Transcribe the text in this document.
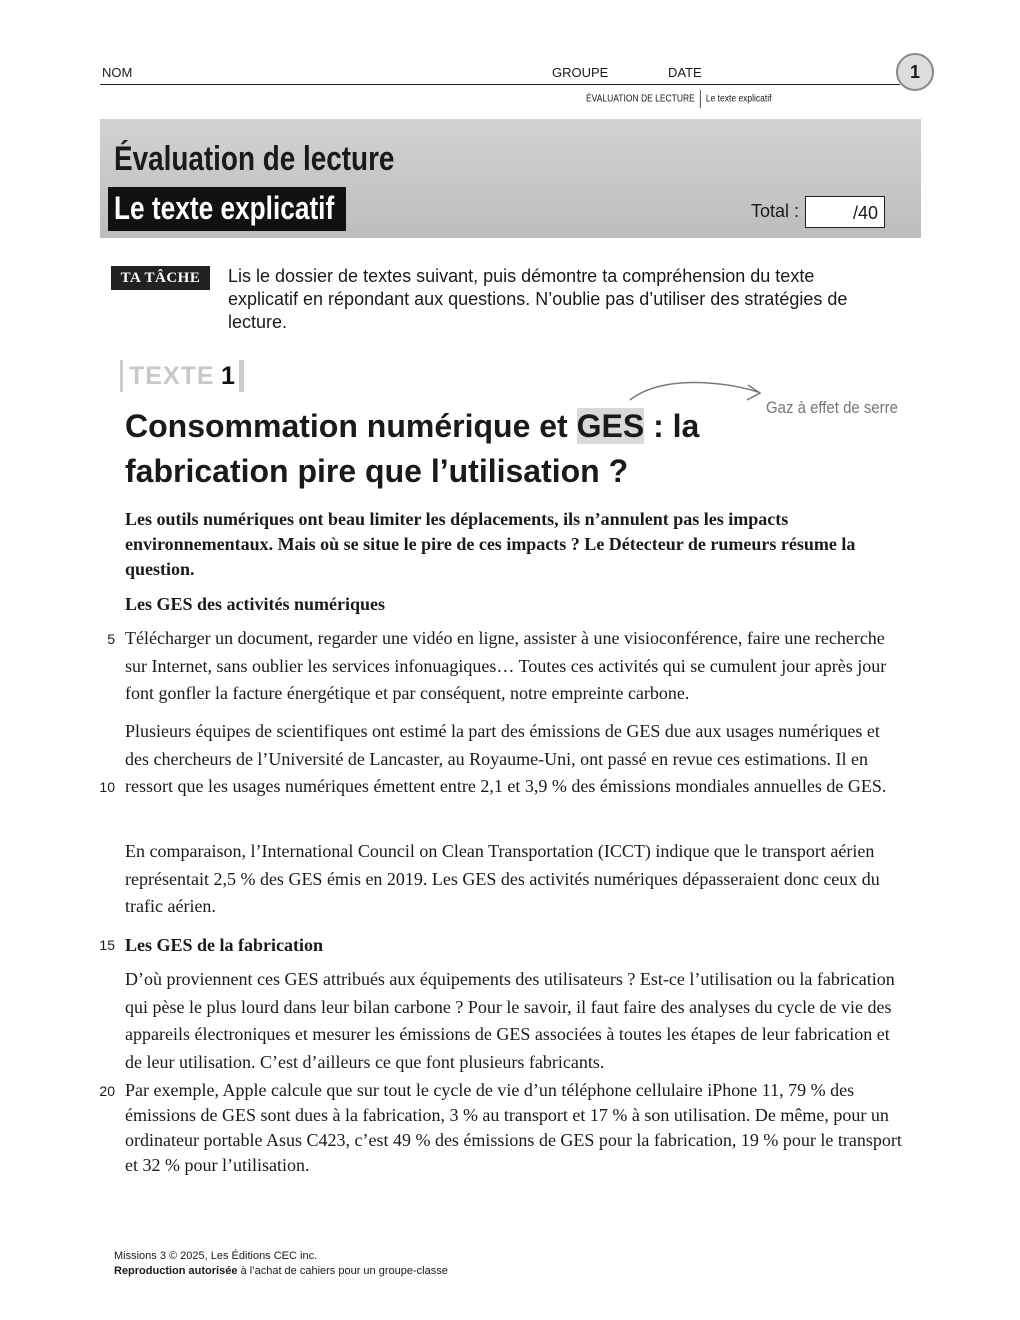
NOM	GROUPE	DATE	1
ÉVALUATION DE LECTURE Le texte explicatif
Évaluation de lecture
Le texte explicatif	Total :	/40
TA TÂCHE	Lis le dossier de textes suivant, puis démontre ta compréhension du texte explicatif en répondant aux questions. N’oublie pas d’utiliser des stratégies de lecture.
TEXTE 1
Gaz à effet de serre
Consommation numérique et GES : la fabrication pire que l’utilisation ?
Les outils numériques ont beau limiter les déplacements, ils n’annulent pas les impacts environnementaux. Mais où se situe le pire de ces impacts ? Le Détecteur de rumeurs résume la question.
Les GES des activités numériques
Télécharger un document, regarder une vidéo en ligne, assister à une visioconférence, faire une recherche sur Internet, sans oublier les services infonuagiques… Toutes ces activités qui se cumulent jour après jour font gonfler la facture énergétique et par conséquent, notre empreinte carbone.
Plusieurs équipes de scientifiques ont estimé la part des émissions de GES due aux usages numériques et des chercheurs de l’Université de Lancaster, au Royaume-Uni, ont passé en revue ces estimations. Il en ressort que les usages numériques émettent entre 2,1 et 3,9 % des émissions mondiales annuelles de GES.
En comparaison, l’International Council on Clean Transportation (ICCT) indique que le transport aérien représentait 2,5 % des GES émis en 2019. Les GES des activités numériques dépasseraient donc ceux du trafic aérien.
Les GES de la fabrication
D’où proviennent ces GES attribués aux équipements des utilisateurs ? Est-ce l’utilisation ou la fabrication qui pèse le plus lourd dans leur bilan carbone ? Pour le savoir, il faut faire des analyses du cycle de vie des appareils électroniques et mesurer les émissions de GES associées à toutes les étapes de leur fabrication et de leur utilisation. C’est d’ailleurs ce que font plusieurs fabricants.
Par exemple, Apple calcule que sur tout le cycle de vie d’un téléphone cellulaire iPhone 11, 79 % des émissions de GES sont dues à la fabrication, 3 % au transport et 17 % à son utilisation. De même, pour un ordinateur portable Asus C423, c’est 49 % des émissions de GES pour la fabrication, 19 % pour le transport et 32 % pour l’utilisation.
5
10
15
20
Missions 3 © 2025, Les Éditions CEC inc.
Reproduction autorisée à l’achat de cahiers pour un groupe-classe
